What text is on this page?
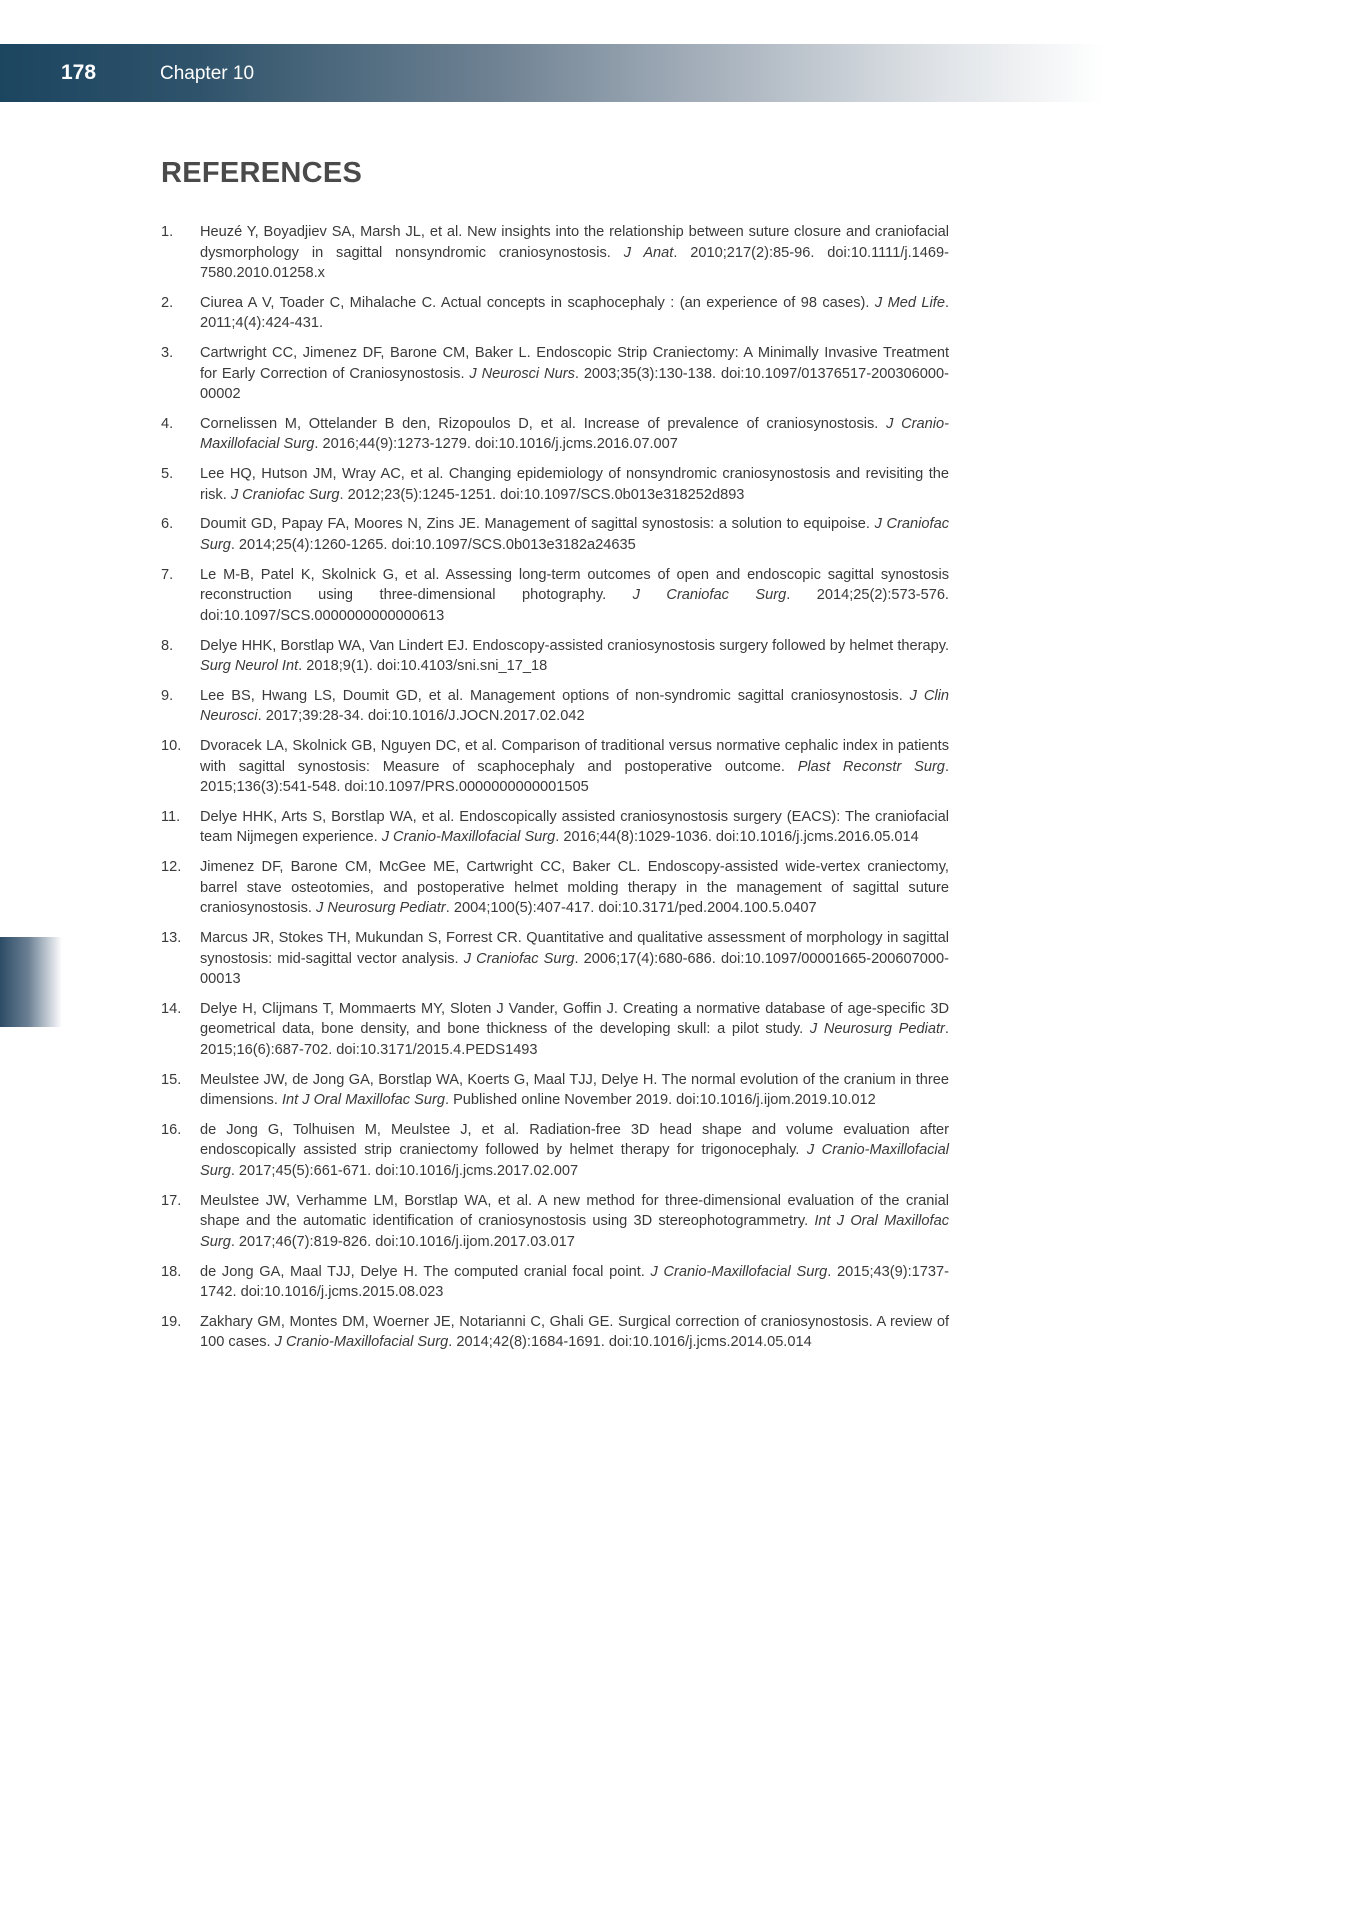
178	Chapter 10
REFERENCES
1.	Heuzé Y, Boyadjiev SA, Marsh JL, et al. New insights into the relationship between suture closure and craniofacial dysmorphology in sagittal nonsyndromic craniosynostosis. J Anat. 2010;217(2):85-96. doi:10.1111/j.1469-7580.2010.01258.x
2.	Ciurea A V, Toader C, Mihalache C. Actual concepts in scaphocephaly : (an experience of 98 cases). J Med Life. 2011;4(4):424-431.
3.	Cartwright CC, Jimenez DF, Barone CM, Baker L. Endoscopic Strip Craniectomy: A Minimally Invasive Treatment for Early Correction of Craniosynostosis. J Neurosci Nurs. 2003;35(3):130-138. doi:10.1097/01376517-200306000-00002
4.	Cornelissen M, Ottelander B den, Rizopoulos D, et al. Increase of prevalence of craniosynostosis. J Cranio-Maxillofacial Surg. 2016;44(9):1273-1279. doi:10.1016/j.jcms.2016.07.007
5.	Lee HQ, Hutson JM, Wray AC, et al. Changing epidemiology of nonsyndromic craniosynostosis and revisiting the risk. J Craniofac Surg. 2012;23(5):1245-1251. doi:10.1097/SCS.0b013e318252d893
6.	Doumit GD, Papay FA, Moores N, Zins JE. Management of sagittal synostosis: a solution to equipoise. J Craniofac Surg. 2014;25(4):1260-1265. doi:10.1097/SCS.0b013e3182a24635
7.	Le M-B, Patel K, Skolnick G, et al. Assessing long-term outcomes of open and endoscopic sagittal synostosis reconstruction using three-dimensional photography. J Craniofac Surg. 2014;25(2):573-576. doi:10.1097/SCS.0000000000000613
8.	Delye HHK, Borstlap WA, Van Lindert EJ. Endoscopy-assisted craniosynostosis surgery followed by helmet therapy. Surg Neurol Int. 2018;9(1). doi:10.4103/sni.sni_17_18
9.	Lee BS, Hwang LS, Doumit GD, et al. Management options of non-syndromic sagittal craniosynostosis. J Clin Neurosci. 2017;39:28-34. doi:10.1016/J.JOCN.2017.02.042
10.	Dvoracek LA, Skolnick GB, Nguyen DC, et al. Comparison of traditional versus normative cephalic index in patients with sagittal synostosis: Measure of scaphocephaly and postoperative outcome. Plast Reconstr Surg. 2015;136(3):541-548. doi:10.1097/PRS.0000000000001505
11.	Delye HHK, Arts S, Borstlap WA, et al. Endoscopically assisted craniosynostosis surgery (EACS): The craniofacial team Nijmegen experience. J Cranio-Maxillofacial Surg. 2016;44(8):1029-1036. doi:10.1016/j.jcms.2016.05.014
12.	Jimenez DF, Barone CM, McGee ME, Cartwright CC, Baker CL. Endoscopy-assisted wide-vertex craniectomy, barrel stave osteotomies, and postoperative helmet molding therapy in the management of sagittal suture craniosynostosis. J Neurosurg Pediatr. 2004;100(5):407-417. doi:10.3171/ped.2004.100.5.0407
13.	Marcus JR, Stokes TH, Mukundan S, Forrest CR. Quantitative and qualitative assessment of morphology in sagittal synostosis: mid-sagittal vector analysis. J Craniofac Surg. 2006;17(4):680-686. doi:10.1097/00001665-200607000-00013
14.	Delye H, Clijmans T, Mommaerts MY, Sloten J Vander, Goffin J. Creating a normative database of age-specific 3D geometrical data, bone density, and bone thickness of the developing skull: a pilot study. J Neurosurg Pediatr. 2015;16(6):687-702. doi:10.3171/2015.4.PEDS1493
15.	Meulstee JW, de Jong GA, Borstlap WA, Koerts G, Maal TJJ, Delye H. The normal evolution of the cranium in three dimensions. Int J Oral Maxillofac Surg. Published online November 2019. doi:10.1016/j.ijom.2019.10.012
16.	de Jong G, Tolhuisen M, Meulstee J, et al. Radiation-free 3D head shape and volume evaluation after endoscopically assisted strip craniectomy followed by helmet therapy for trigonocephaly. J Cranio-Maxillofacial Surg. 2017;45(5):661-671. doi:10.1016/j.jcms.2017.02.007
17.	Meulstee JW, Verhamme LM, Borstlap WA, et al. A new method for three-dimensional evaluation of the cranial shape and the automatic identification of craniosynostosis using 3D stereophotogrammetry. Int J Oral Maxillofac Surg. 2017;46(7):819-826. doi:10.1016/j.ijom.2017.03.017
18.	de Jong GA, Maal TJJ, Delye H. The computed cranial focal point. J Cranio-Maxillofacial Surg. 2015;43(9):1737-1742. doi:10.1016/j.jcms.2015.08.023
19.	Zakhary GM, Montes DM, Woerner JE, Notarianni C, Ghali GE. Surgical correction of craniosynostosis. A review of 100 cases. J Cranio-Maxillofacial Surg. 2014;42(8):1684-1691. doi:10.1016/j.jcms.2014.05.014
